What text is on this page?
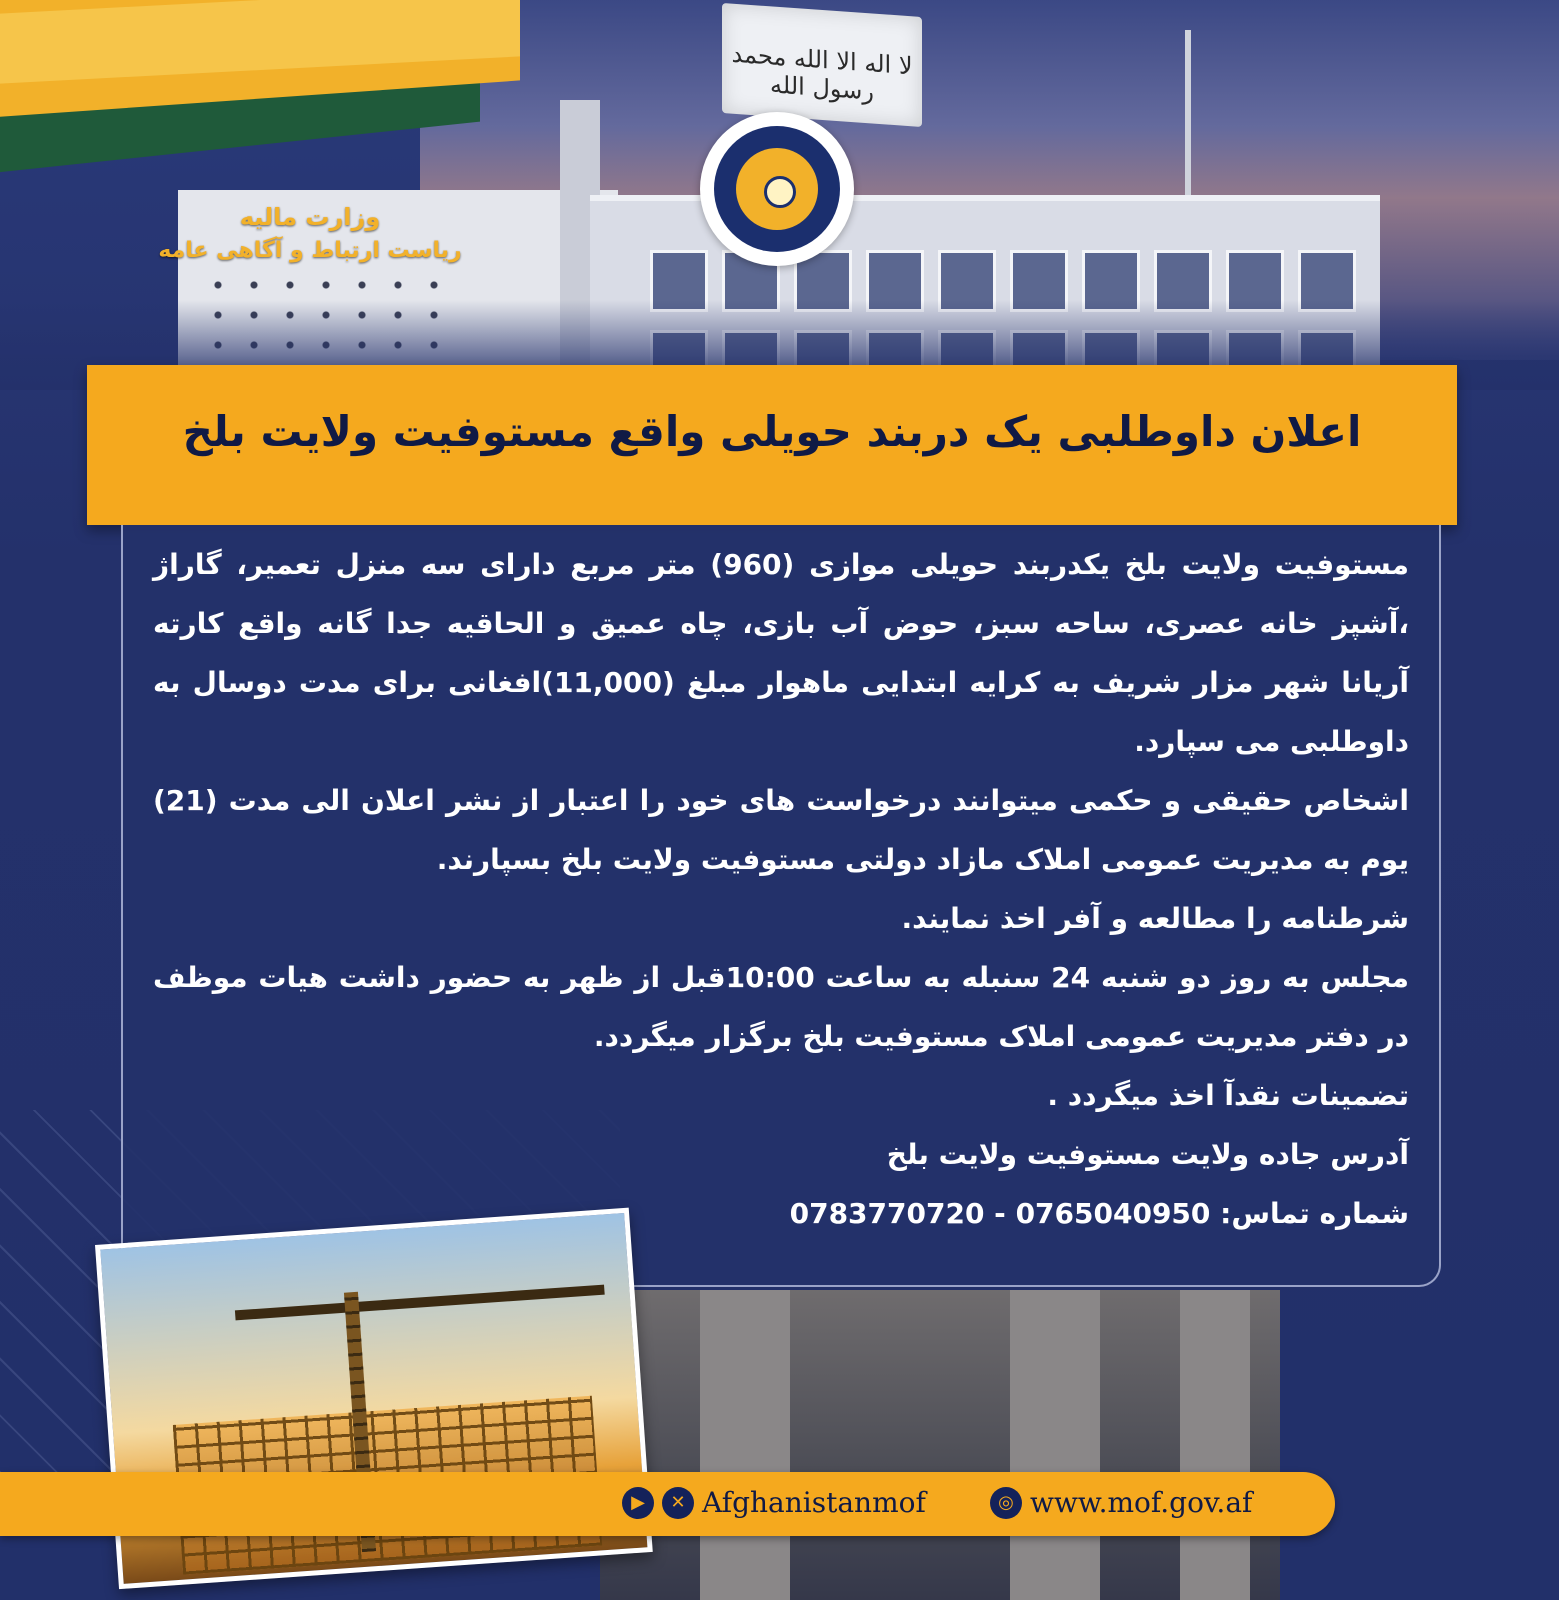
لا اله الا الله محمد رسول الله
وزارت مالیه
ریاست ارتباط و آگاهی عامه
اعلان داوطلبی یک دربند حویلی واقع مستوفیت ولایت بلخ

مستوفیت ولایت بلخ یکدربند حویلی موازی (960) متر مربع دارای سه منزل تعمیر، گاراژ ،آشپز خانه عصری، ساحه سبز، حوض آب بازی، چاه عمیق و الحاقیه جدا گانه واقع کارته آریانا شهر مزار شریف به کرایه ابتدایی ماهوار مبلغ (11,000)افغانی برای مدت دوسال به داوطلبی می سپارد.

اشخاص حقیقی و حکمی میتوانند درخواست های خود را اعتبار از نشر اعلان الی مدت (21) یوم به مدیریت عمومی املاک مازاد دولتی مستوفیت ولایت بلخ بسپارند.

شرطنامه را مطالعه و آفر اخذ نمایند.

مجلس به روز دو شنبه 24 سنبله به ساعت 10:00قبل از ظهر به حضور داشت هیات موظف در دفتر مدیریت عمومی املاک مستوفیت بلخ برگزار میگردد.

تضمینات نقدآ اخذ میگردد .

آدرس جاده ولایت مستوفیت ولایت بلخ

شماره تماس: 0765040950 - 0783770720

▶	✕ Afghanistanmof	◎ www.mof.gov.af
